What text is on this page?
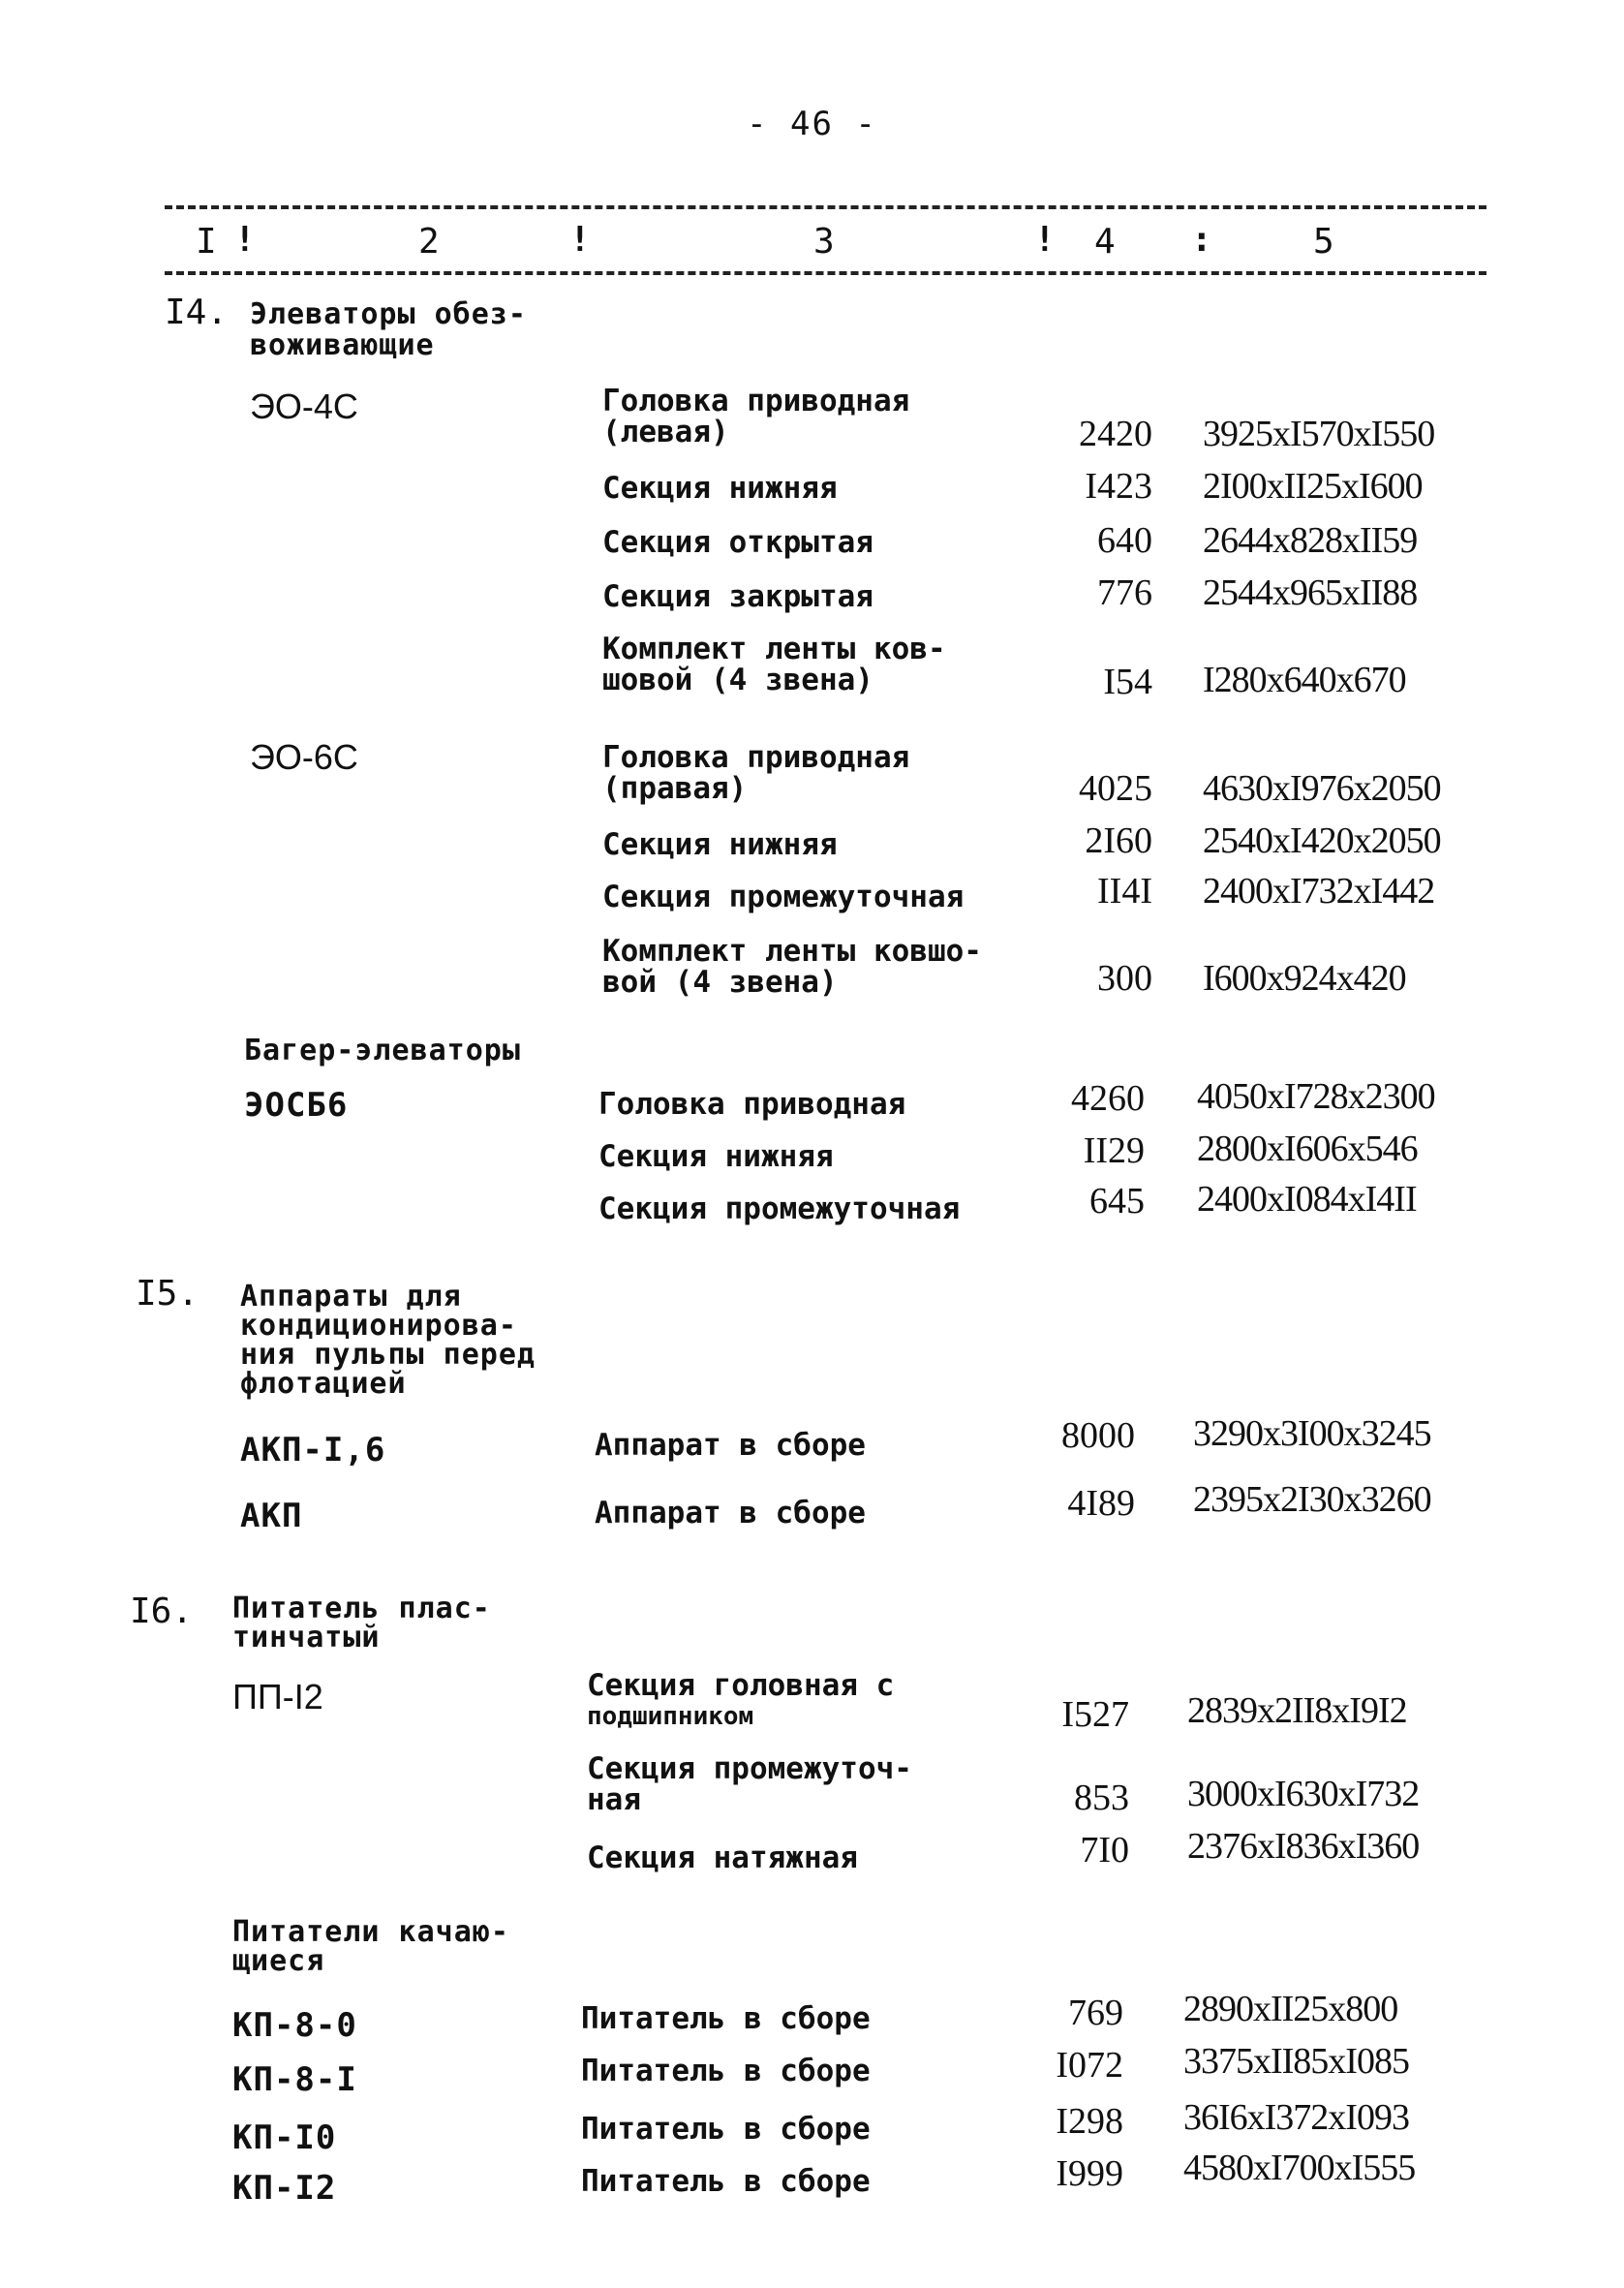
- 46 -
I !	2	!	3	! 4 :	5
I4. Элеваторы обез-
воживающие
ЭО-4С	Головка приводная
(левая)	2420 3925xI570xI550
Секция нижняя	I423 2I00xII25xI600
Секция открытая	640 2644x828xII59
Секция закрытая	776 2544x965xII88
Комплект ленты ков-
шовой (4 звена)	I54 I280x640x670
ЭО-6С	Головка приводная
(правая)	4025 4630xI976x2050
Секция нижняя	2I60 2540xI420x2050
Секция промежуточная	II4I 2400xI732xI442
Комплект ленты ковшо-
вой (4 звена)	300 I600x924x420
Багер-элеваторы
ЭОСБ6	Головка приводная	4260 4050xI728x2300
Секция нижняя	II29 2800xI606x546
Секция промежуточная	645 2400xI084xI4II
I5. Аппараты для
кондиционирова-
ния пульпы перед
флотацией
АКП-I,6	Аппарат в сборе	8000 3290x3I00x3245
АКП	Аппарат в сборе	4I89 2395x2I30x3260
I6. Питатель плас-
тинчатый
ПП-I2	Секция головная с
подшипником	I527 2839x2II8xI9I2
Секция промежуточ-
ная	853 3000xI630xI732
Секция натяжная	7I0 2376xI836xI360
Питатели качаю-
щиеся
КП-8-0	Питатель в сборе	769 2890xII25x800
КП-8-I	Питатель в сборе	I072 3375xII85xI085
КП-I0	Питатель в сборе	I298 36I6xI372xI093
КП-I2	Питатель в сборе	I999 4580xI700xI555
